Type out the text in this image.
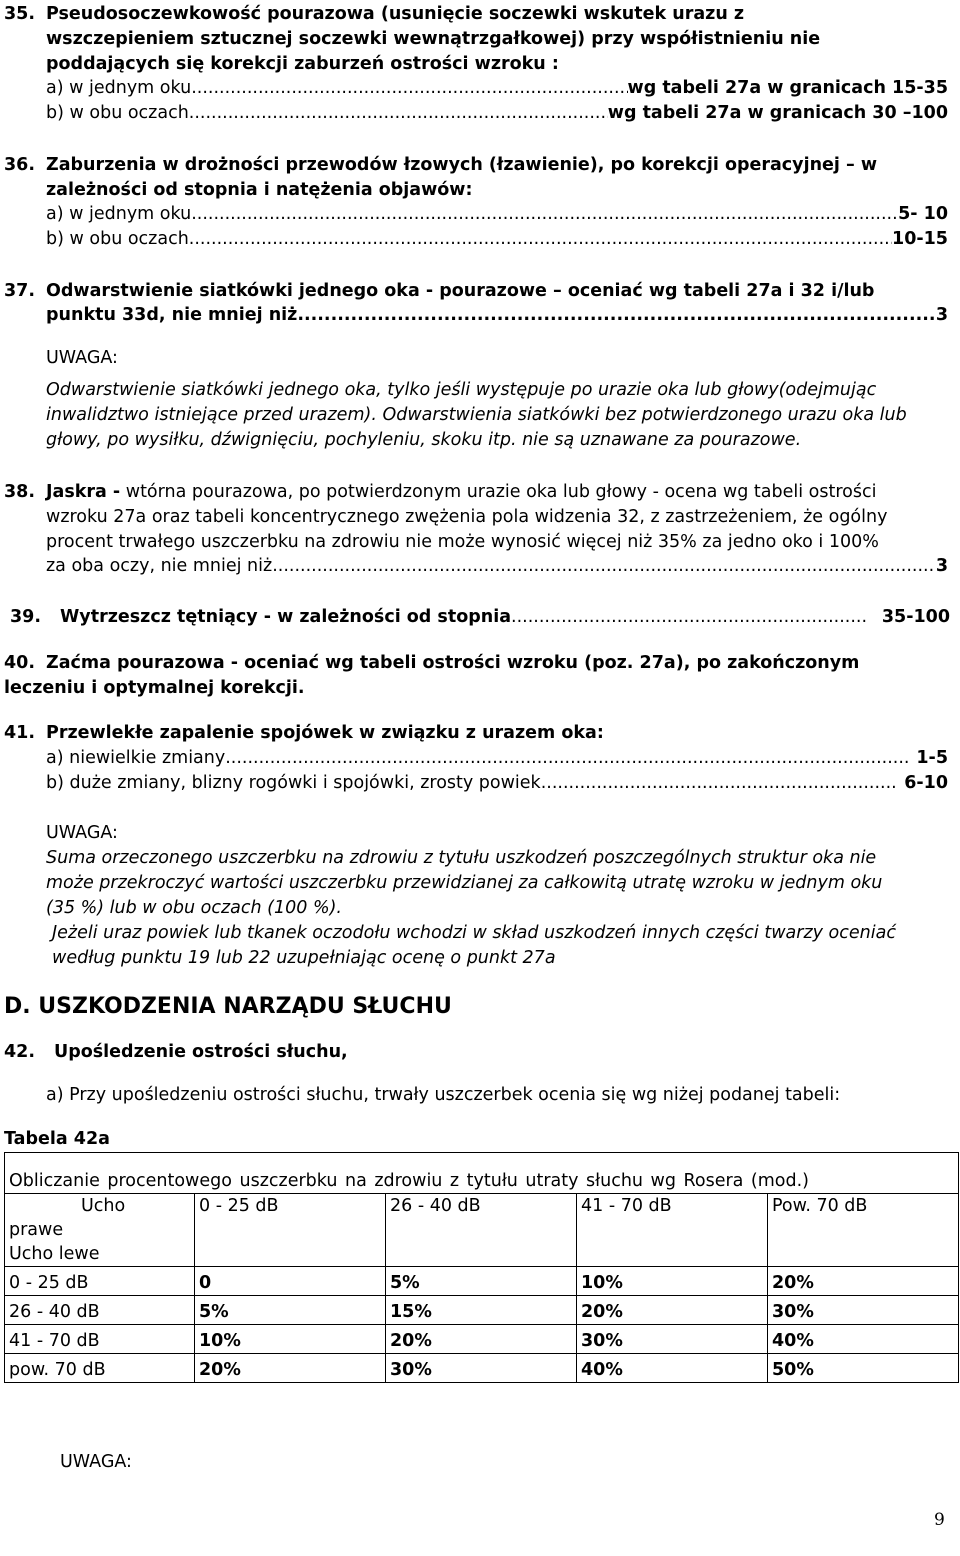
35. Pseudosoczewkowość pourazowa (usunięcie soczewki wskutek urazu z
wszczepieniem sztucznej soczewki wewnątrzgałkowej) przy współistnieniu nie
poddających się korekcji zaburzeń ostrości wzroku :
a) w jednym oku .....	wg tabeli 27a w granicach 15-35
b) w obu oczach .....	wg tabeli 27a w granicach 30 –100
36. Zaburzenia w drożności przewodów łzowych (łzawienie), po korekcji operacyjnej – w
zależności od stopnia i natężenia objawów:
a) w jednym oku .....	5- 10
b) w obu oczach .....	10-15
37. Odwarstwienie siatkówki jednego oka - pourazowe – oceniać wg tabeli 27a i 32 i/lub
punktu 33d, nie mniej niż .....	3
UWAGA:
Odwarstwienie siatkówki jednego oka, tylko jeśli występuje po urazie oka lub głowy(odejmując
inwalidztwo istniejące przed urazem). Odwarstwienia siatkówki bez potwierdzonego urazu oka lub
głowy, po wysiłku, dźwignięciu, pochyleniu, skoku itp. nie są uznawane za pourazowe.
38. Jaskra - wtórna pourazowa, po potwierdzonym urazie oka lub głowy - ocena wg tabeli ostrości
wzroku 27a oraz tabeli koncentrycznego zwężenia pola widzenia 32, z zastrzeżeniem, że ogólny
procent trwałego uszczerbku na zdrowiu nie może wynosić więcej niż 35% za jedno oko i 100%
za oba oczy, nie mniej niż .....	3
39. Wytrzeszcz tętniący - w zależności od stopnia .....	35-100
40. Zaćma pourazowa - oceniać wg tabeli ostrości wzroku (poz. 27a), po zakończonym
leczeniu i optymalnej korekcji.
41. Przewlekłe zapalenie spojówek w związku z urazem oka:
a) niewielkie zmiany .....	1-5
b) duże zmiany, blizny rogówki i spojówki, zrosty powiek .....	6-10
UWAGA:
Suma orzeczonego uszczerbku na zdrowiu z tytułu uszkodzeń poszczególnych struktur oka nie
może przekroczyć wartości uszczerbku przewidzianej za całkowitą utratę wzroku w jednym oku
(35 %) lub w obu oczach (100 %).
Jeżeli uraz powiek lub tkanek oczodołu wchodzi w skład uszkodzeń innych części twarzy oceniać
według punktu 19 lub 22 uzupełniając ocenę o punkt 27a
D. USZKODZENIA NARZĄDU SŁUCHU
42. Upośledzenie ostrości słuchu,
a) Przy upośledzeniu ostrości słuchu, trwały uszczerbek ocenia się wg niżej podanej tabeli:
Tabela 42a
Obliczanie procentowego uszczerbku na zdrowiu z tytułu utraty słuchu wg Rosera (mod.)				

Ucho
prawe
Ucho lewe	0 - 25 dB	26 - 40 dB	41 - 70 dB	Pow. 70 dB
0 - 25 dB	0	5%	10%	20%
26 - 40 dB	5%	15%	20%	30%
41 - 70 dB	10%	20%	30%	40%
pow. 70 dB	20%	30%	40%	50%
UWAGA:
9
